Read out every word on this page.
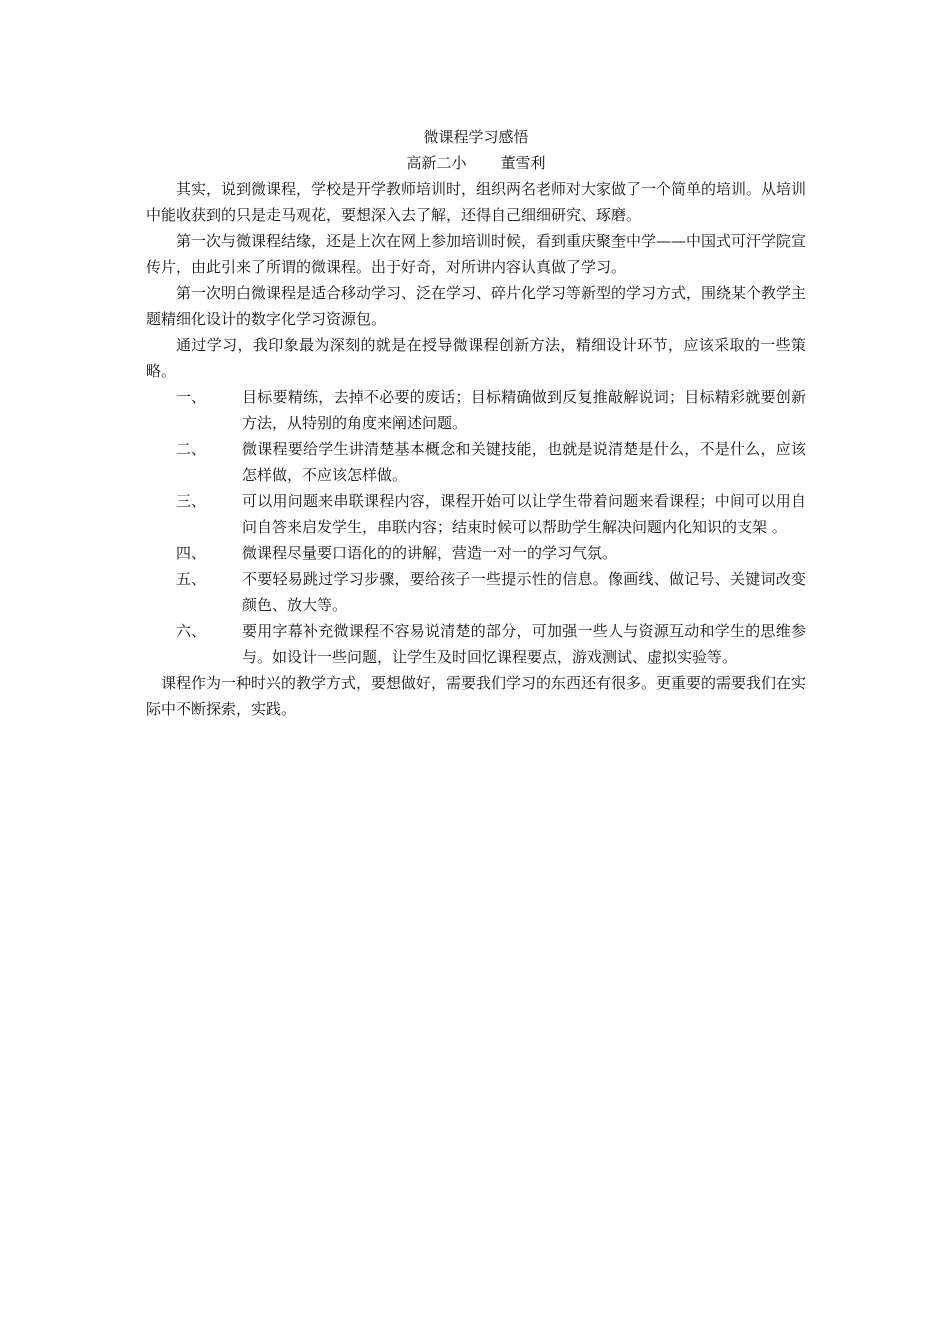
微课程学习感悟

高新二小 董雪利

其实，说到微课程，学校是开学教师培训时，组织两名老师对大家做了一个简单的培训。从培训中能收获到的只是走马观花，要想深入去了解，还得自己细细研究、琢磨。

第一次与微课程结缘，还是上次在网上参加培训时候，看到重庆聚奎中学——中国式可汗学院宣传片，由此引来了所谓的微课程。出于好奇，对所讲内容认真做了学习。

第一次明白微课程是适合移动学习、泛在学习、碎片化学习等新型的学习方式，围绕某个教学主题精细化设计的数字化学习资源包。

通过学习，我印象最为深刻的就是在授导微课程创新方法，精细设计环节，应该采取的一些策略。

一、	目标要精练，去掉不必要的废话；目标精确做到反复推敲解说词；目标精彩就要创新方法，从特别的角度来阐述问题。
二、	微课程要给学生讲清楚基本概念和关键技能，也就是说清楚是什么，不是什么，应该怎样做，不应该怎样做。
三、	可以用问题来串联课程内容，课程开始可以让学生带着问题来看课程；中间可以用自问自答来启发学生，串联内容；结束时候可以帮助学生解决问题内化知识的支架 。
四、	微课程尽量要口语化的的讲解，营造一对一的学习气氛。
五、	不要轻易跳过学习步骤，要给孩子一些提示性的信息。像画线、做记号、关键词改变颜色、放大等。
六、	要用字幕补充微课程不容易说清楚的部分，可加强一些人与资源互动和学生的思维参与。如设计一些问题，让学生及时回忆课程要点，游戏测试、虚拟实验等。

课程作为一种时兴的教学方式，要想做好，需要我们学习的东西还有很多。更重要的需要我们在实际中不断探索，实践。
